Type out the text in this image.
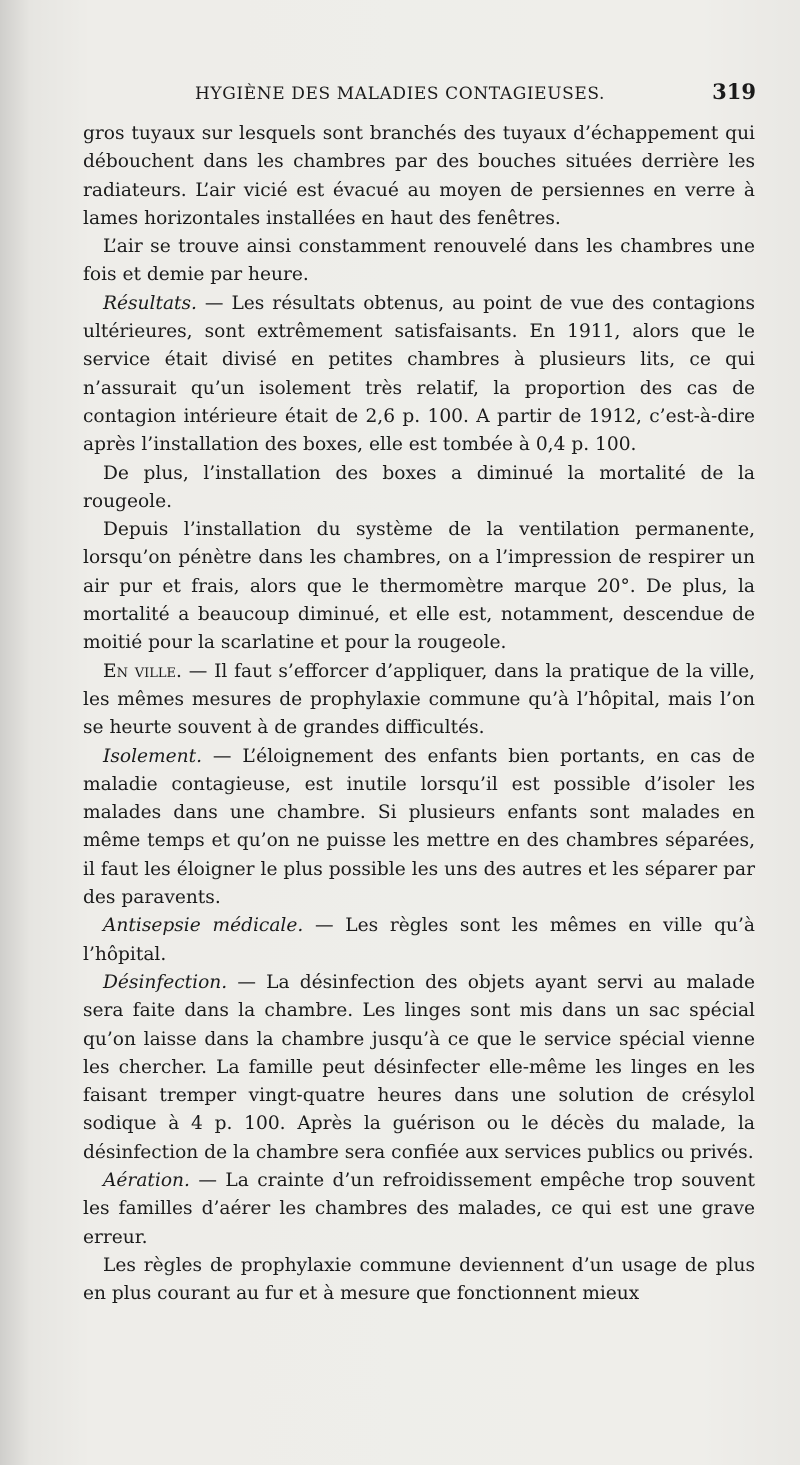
HYGIÈNE DES MALADIES CONTAGIEUSES.	319

gros tuyaux sur lesquels sont branchés des tuyaux d’échappement qui débouchent dans les chambres par des bouches situées derrière les radiateurs. L’air vicié est évacué au moyen de persiennes en verre à lames horizontales installées en haut des fenêtres.

L’air se trouve ainsi constamment renouvelé dans les chambres une fois et demie par heure.

Résultats. — Les résultats obtenus, au point de vue des contagions ultérieures, sont extrêmement satisfaisants. En 1911, alors que le service était divisé en petites chambres à plusieurs lits, ce qui n’assurait qu’un isolement très relatif, la proportion des cas de contagion intérieure était de 2,6 p. 100. A partir de 1912, c’est-à-dire après l’installation des boxes, elle est tombée à 0,4 p. 100.

De plus, l’installation des boxes a diminué la mortalité de la rougeole.

Depuis l’installation du système de la ventilation permanente, lorsqu’on pénètre dans les chambres, on a l’impression de respirer un air pur et frais, alors que le thermomètre marque 20°. De plus, la mortalité a beaucoup diminué, et elle est, notamment, descendue de moitié pour la scarlatine et pour la rougeole.

En ville. — Il faut s’efforcer d’appliquer, dans la pratique de la ville, les mêmes mesures de prophylaxie commune qu’à l’hôpital, mais l’on se heurte souvent à de grandes difficultés.

Isolement. — L’éloignement des enfants bien portants, en cas de maladie contagieuse, est inutile lorsqu’il est possible d’isoler les malades dans une chambre. Si plusieurs enfants sont malades en même temps et qu’on ne puisse les mettre en des chambres séparées, il faut les éloigner le plus possible les uns des autres et les séparer par des paravents.

Antisepsie médicale. — Les règles sont les mêmes en ville qu’à l’hôpital.

Désinfection. — La désinfection des objets ayant servi au malade sera faite dans la chambre. Les linges sont mis dans un sac spécial qu’on laisse dans la chambre jusqu’à ce que le service spécial vienne les chercher. La famille peut désinfecter elle-même les linges en les faisant tremper vingt-quatre heures dans une solution de crésylol sodique à 4 p. 100. Après la guérison ou le décès du malade, la désinfection de la chambre sera confiée aux services publics ou privés.

Aération. — La crainte d’un refroidissement empêche trop souvent les familles d’aérer les chambres des malades, ce qui est une grave erreur.

Les règles de prophylaxie commune deviennent d’un usage de plus en plus courant au fur et à mesure que fonctionnent mieux
